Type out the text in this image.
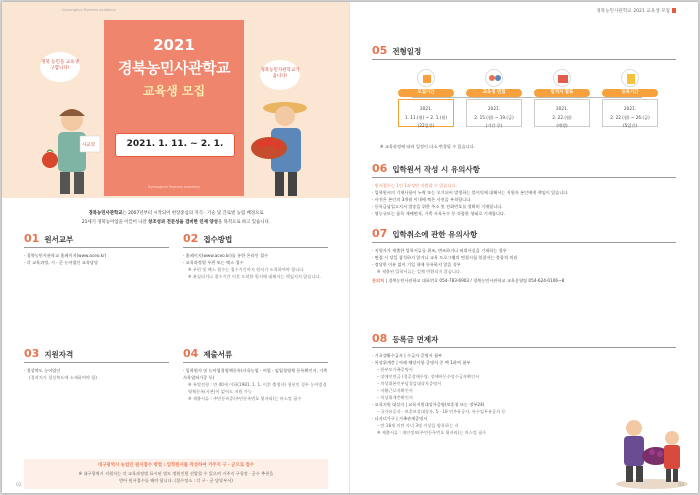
Gyeongbuk Farmers Academy
경북 농민을 교육생 구합니다!
사교학
2021
경북농민사관학교
교육생 모집
Gyeongbuk Farmers Academy
2021. 1. 11. ~ 2. 1.
경북농민사관학교가 옵니다!
경북농민사관학교는 2007년부터 시작되어 현장중심의 지식 · 기술 및 글로벌 농업 배경으로
21세기 경북농어업을 이끌어 나갈 창조성과 전문성을 겸비한 인재 양성을 목적으로 하고 있습니다.
01 원서교부
· 경북농민사관학교 홈페이지(www.aceo.kr)
· 각 교육과정, 시 · 군 농어업인 교육담당
02 접수방법
· 홈페이지(www.aceo.kr)를 통한 온라인 접수
· 교육과정별 우편 또는 팩스 접수
※ 우편 및 팩스 접수는 접수기간까지 원서가 도착하여야 합니다.
※ 분실되거나 접수기간 이후 도착한 원서에 대해서는 책임지지 않습니다.
03 지원자격
· 경상북도 농어업인
(경작지가 경상북도에 소재하여야 함)
04 제출서류
· 입학원서 및 농어업경영체등록(사육농업 · 어업 · 임업경영체 등록확인서, 가축사육업허가증 등)
※ 특별전형 : 만 40세 이하(1981. 1. 1. 이후 출생자) 청년인 경우 농어업경영체등록(사본)이 없어도 지원 가능
※ 제출서류 : 주민등록증(주민등록번호 뒷자리)는 마스킹 필수
대구광역시 농업인 원서접수 방법 : 입학원서를 작성하여 거주지 구 · 군으로 접수
※ 대구광역시 지원자는 각 교육과정별 표시된 별도 정원인원 선발할 수 있으며 거주지 구청장 · 군수 추천을
받아 원서접수를 해야 합니다. (접수정소 : 각 구 · 군 담당부서)
02
경북농민사관학교 2021 교육생 모집
05 전형일정
모집기간
2021.
1. 11.(월) ~ 2. 1.(월)
(22일간)
교육생 면접
2021.
2. 15.(월) ~ 19.(금)
(기간 중)
합격자 발표
2021.
2. 22.(월)
(예정)
등록기간
2021.
2. 22.(월) ~ 26.(금)
(5일간)
※ 교육과정에 따라 일정이 다소 변경될 수 있습니다.
06 입학원서 작성 시 유의사항
· 원서접수는 1인 1과정만 지원할 수 있습니다.
· 입학원서의 기재사항이 누락 또는 오기되어 발생하는 불이익에 대해서는 지원자 본인에게 책임이 있습니다.
· 사진은 본인의 3개월 이내에 찍은 사진을 부착합니다.
· 등록금납입고지서 발송을 위한 주소 및 전화번호를 정확히 기재합니다.
· 영농규모는 품목 재배면적, 가축 사육두수 등 적합한 형태로 기재합니다.
07 입학취소에 관한 유의사항
· 지원자가 제출한 입학서류를 위조, 변조하거나 허위사실을 기재하는 경우
· 면접 시 당일 참석하지 않거나 교육 프로그램의 면접시험 불참자는 불합격 처리
· 정당한 이유 없이 기일 내에 등록하지 않을 경우
※ 제출된 입학서류는 일체 반환되지 않습니다.
문의처 | 경북농민사관학교 대표번호 054-783-6903 / 경북농민사관학교 교육운영팀 054-624-0106~8
08 등록금 면제자
· 기초생활수급자 | 수급자 증명서 첨부
· 차상위계층 | 아래 해당사항 증명서 중 택 1하여 첨부
– 한부모가족증명서
– 장애인연금 (경증장애수당, 장애아동수당수급자확인서
– 차상위본인부담경감대상자증명서
– 자활근로자확인서
– 차상위계층확인서
· 교육지원 대상자 | 교육지원대상자증명(보훈청 또는 정부24)
– 국가유공자 · 보훈보상대상자, 5 · 18 민주유공자, 특수임무유공자 등
· 다자녀가구 | 가족관계증명서
– 만 18세 미만 자녀 3명 이상을 양육하는 자
※ 제출서류 : 개인정보(주민등록번호 뒷자리)는 마스킹 필수
03
